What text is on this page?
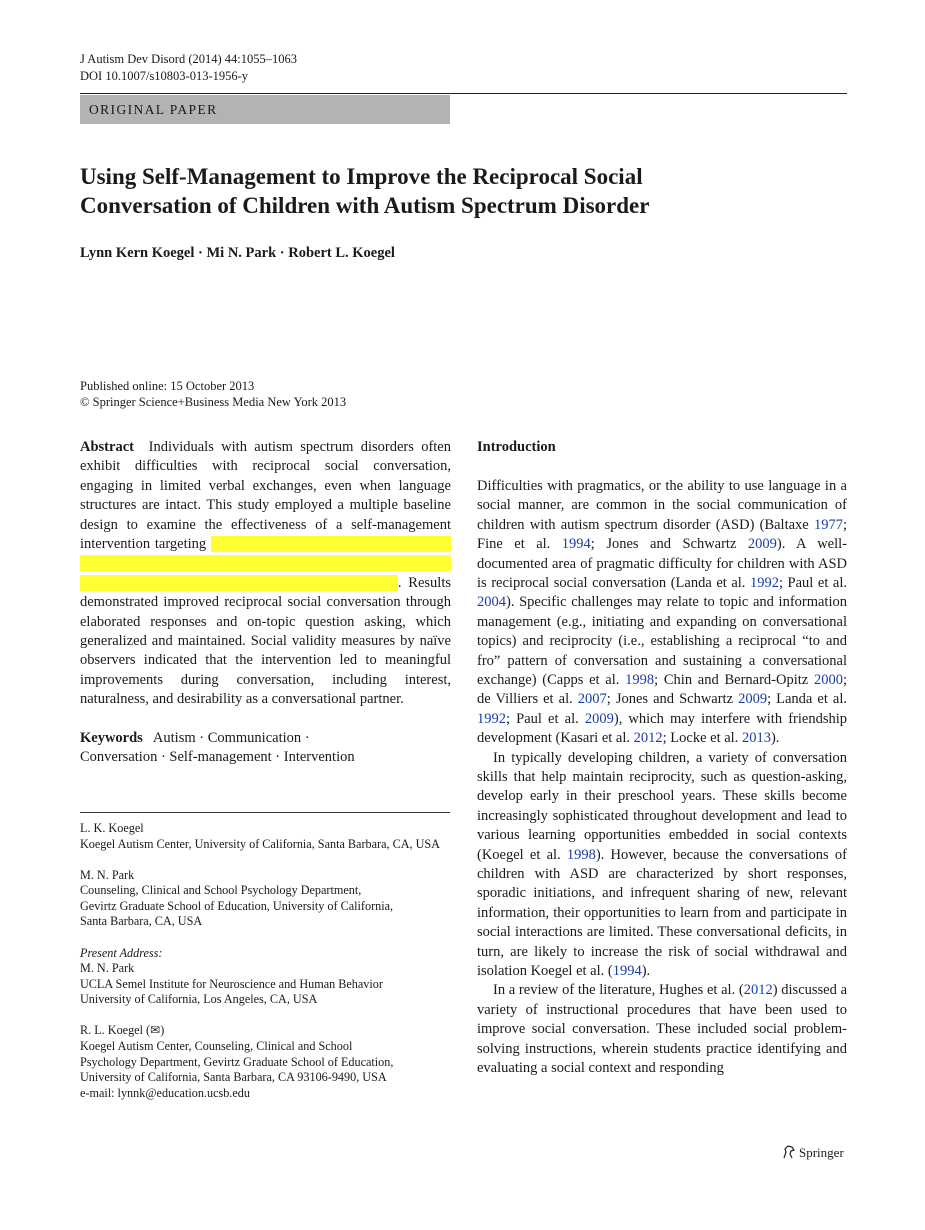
J Autism Dev Disord (2014) 44:1055–1063
DOI 10.1007/s10803-013-1956-y
ORIGINAL PAPER
Using Self-Management to Improve the Reciprocal Social
Conversation of Children with Autism Spectrum Disorder
Lynn Kern Koegel · Mi N. Park · Robert L. Koegel
Published online: 15 October 2013
© Springer Science+Business Media New York 2013
Abstract Individuals with autism spectrum disorders often exhibit difficulties with reciprocal social conversation, engaging in limited verbal exchanges, even when language structures are intact. This study employed a multiple baseline design to examine the effectiveness of a self-management intervention targeting . Results demonstrated improved reciprocal social conversation through elaborated responses and on-topic question asking, which generalized and maintained. Social validity measures by naïve observers indicated that the intervention led to meaningful improvements during conversation, including interest, naturalness, and desirability as a conversational partner.
Keywords Autism · Communication ·
Conversation · Self-management · Intervention
L. K. Koegel
Koegel Autism Center, University of California, Santa Barbara, CA, USA
M. N. Park
Counseling, Clinical and School Psychology Department,
Gevirtz Graduate School of Education, University of California,
Santa Barbara, CA, USA
Present Address:
M. N. Park
UCLA Semel Institute for Neuroscience and Human Behavior
University of California, Los Angeles, CA, USA
R. L. Koegel (✉)
Koegel Autism Center, Counseling, Clinical and School
Psychology Department, Gevirtz Graduate School of Education,
University of California, Santa Barbara, CA 93106-9490, USA
e-mail: lynnk@education.ucsb.edu
Introduction
Difficulties with pragmatics, or the ability to use language in a social manner, are common in the social communication of children with autism spectrum disorder (ASD) (Baltaxe 1977; Fine et al. 1994; Jones and Schwartz 2009). A well-documented area of pragmatic difficulty for children with ASD is reciprocal social conversation (Landa et al. 1992; Paul et al. 2004). Specific challenges may relate to topic and information management (e.g., initiating and expanding on conversational topics) and reciprocity (i.e., establishing a reciprocal “to and fro” pattern of conversation and sustaining a conversational exchange) (Capps et al. 1998; Chin and Bernard-Opitz 2000; de Villiers et al. 2007; Jones and Schwartz 2009; Landa et al. 1992; Paul et al. 2009), which may interfere with friendship development (Kasari et al. 2012; Locke et al. 2013).
In typically developing children, a variety of conversation skills that help maintain reciprocity, such as question-asking, develop early in their preschool years. These skills become increasingly sophisticated throughout development and lead to various learning opportunities embedded in social contexts (Koegel et al. 1998). However, because the conversations of children with ASD are characterized by short responses, sporadic initiations, and infrequent sharing of new, relevant information, their opportunities to learn from and participate in social interactions are limited. These conversational deficits, in turn, are likely to increase the risk of social withdrawal and isolation Koegel et al. (1994).
In a review of the literature, Hughes et al. (2012) discussed a variety of instructional procedures that have been used to improve social conversation. These included social problem-solving instructions, wherein students practice identifying and evaluating a social context and responding
Springer
